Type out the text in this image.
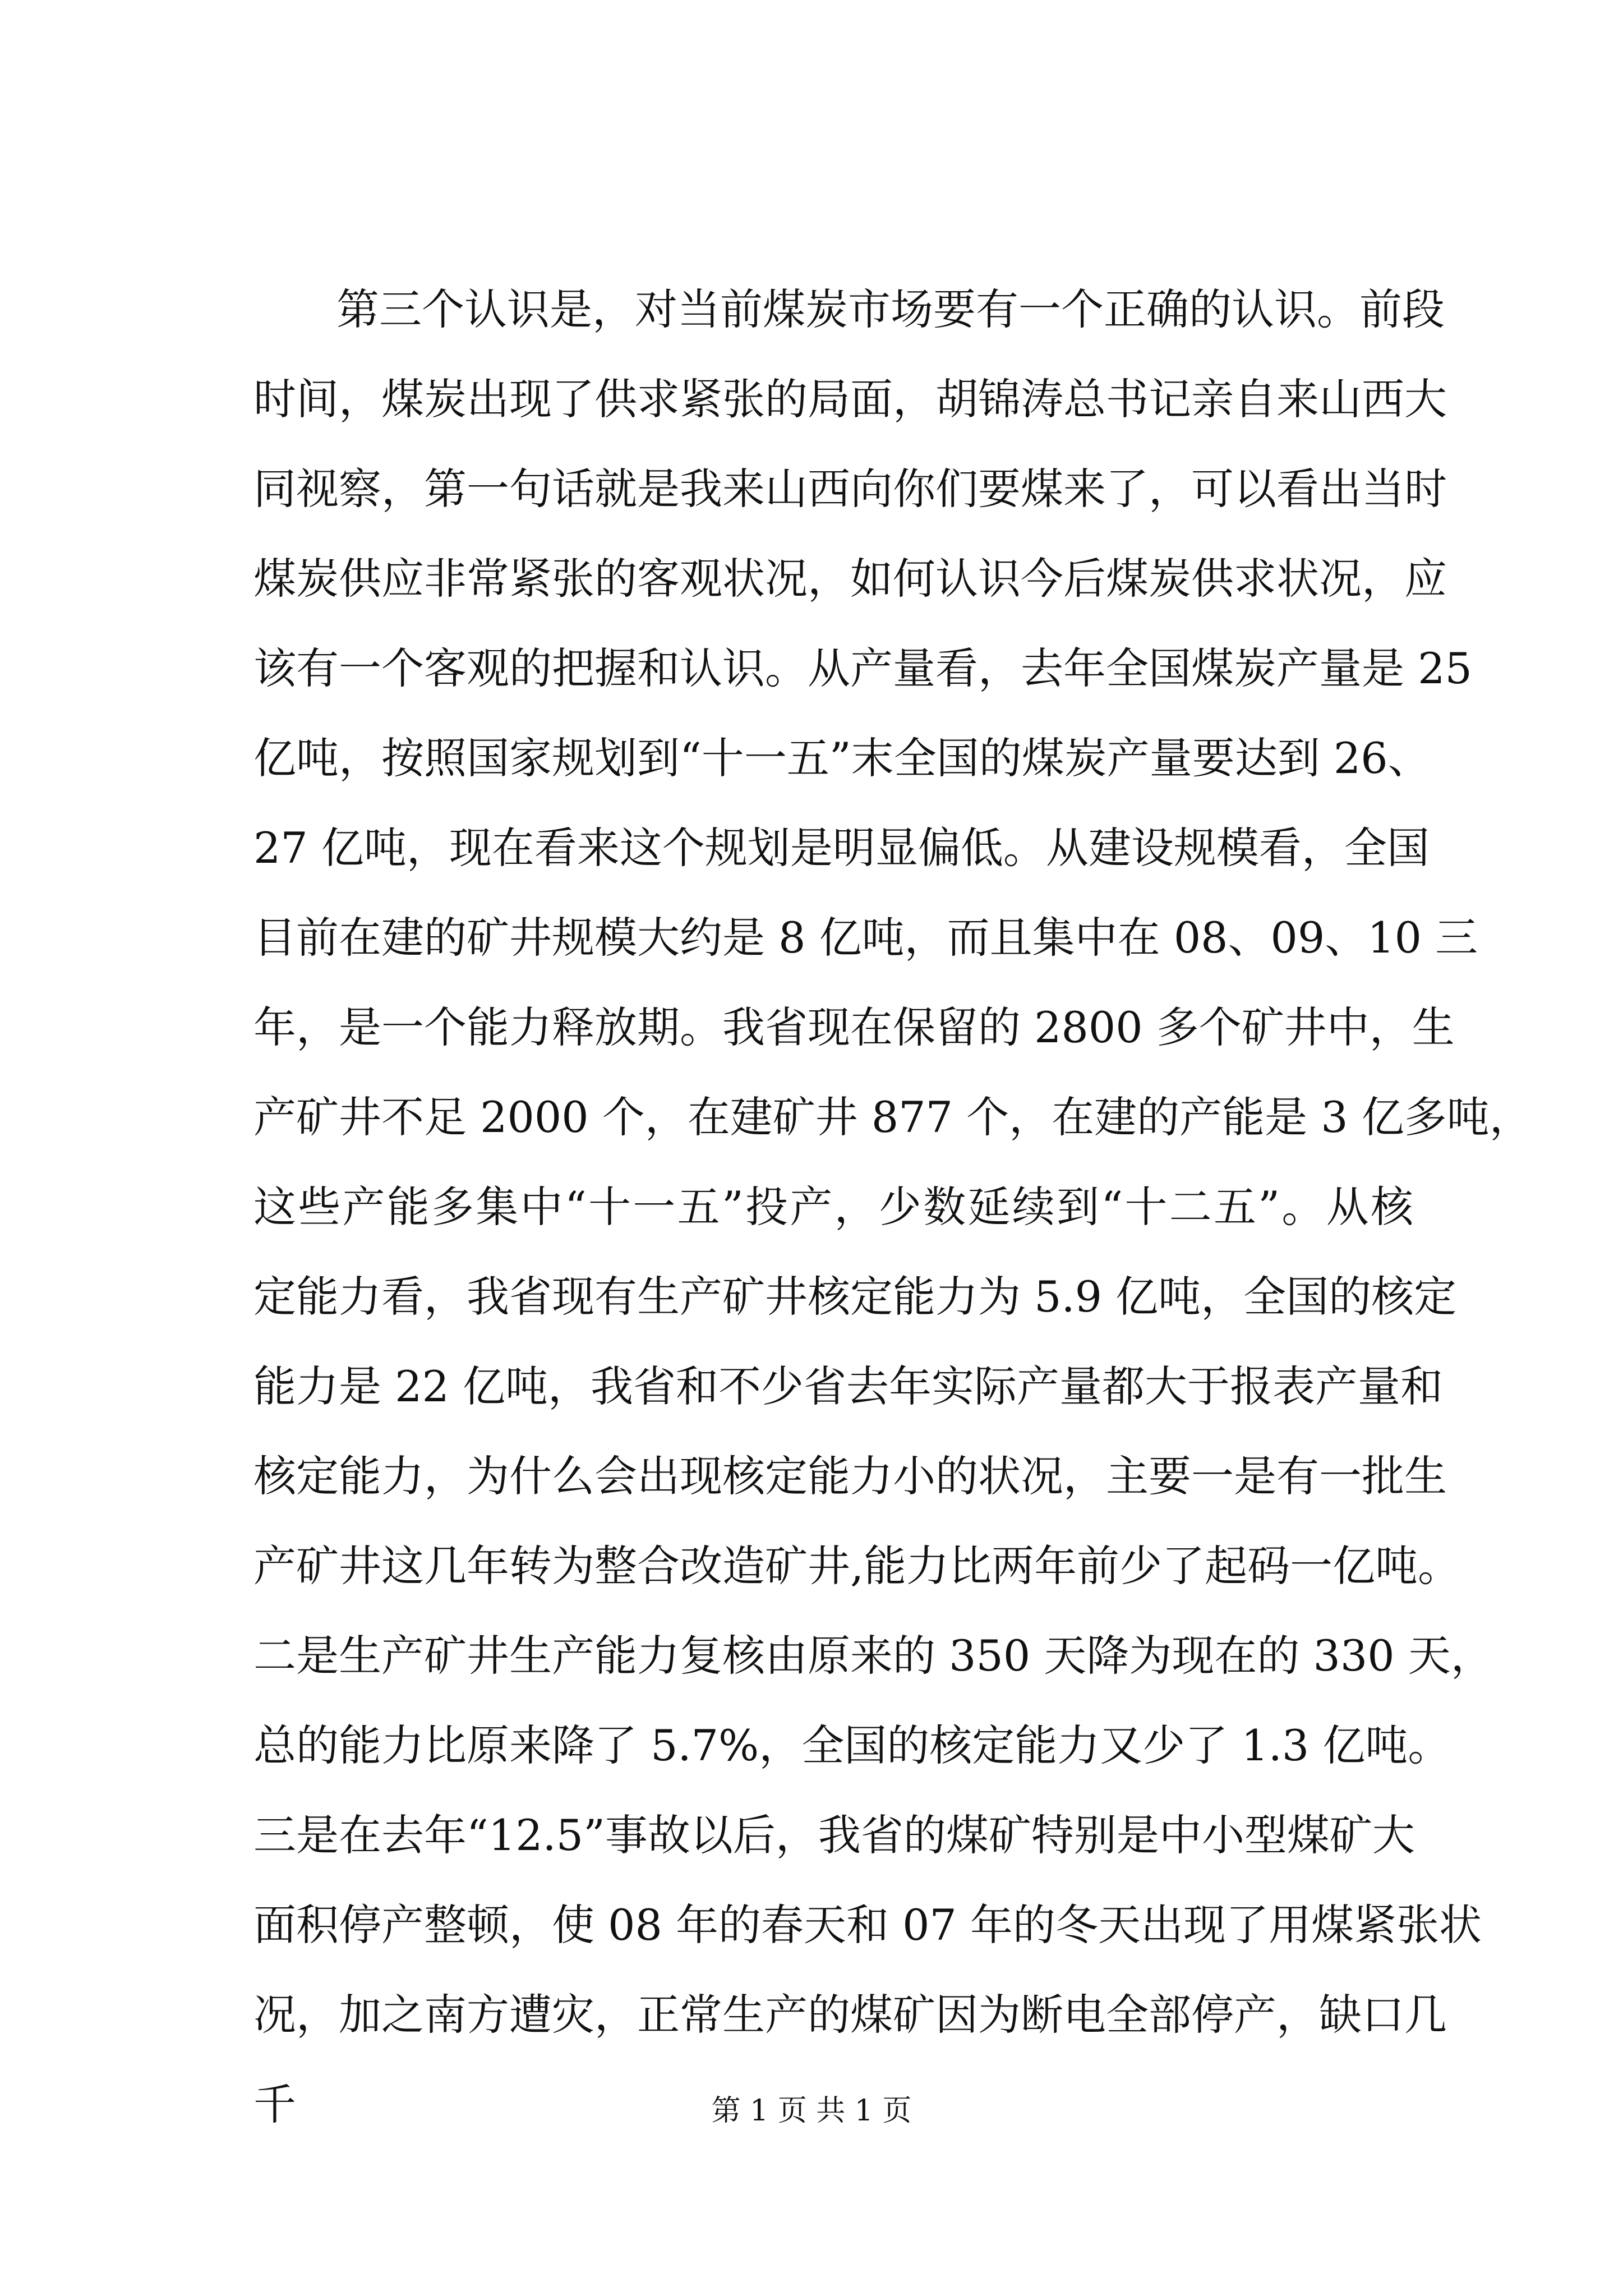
第三个认识是，对当前煤炭市场要有一个正确的认识。前段
时间，煤炭出现了供求紧张的局面，胡锦涛总书记亲自来山西大
同视察，第一句话就是我来山西向你们要煤来了，可以看出当时
煤炭供应非常紧张的客观状况，如何认识今后煤炭供求状况，应
该有一个客观的把握和认识。从产量看，去年全国煤炭产量是 25
亿吨，按照国家规划到“十一五”末全国的煤炭产量要达到 26、
27 亿吨，现在看来这个规划是明显偏低。从建设规模看，全国
目前在建的矿井规模大约是 8 亿吨，而且集中在 08、09、10 三
年，是一个能力释放期。我省现在保留的 2800 多个矿井中，生
产矿井不足 2000 个，在建矿井 877 个，在建的产能是 3 亿多吨，
这些产能多集中“十一五”投产，少数延续到“十二五”。从核
定能力看，我省现有生产矿井核定能力为 5.9 亿吨，全国的核定
能力是 22 亿吨，我省和不少省去年实际产量都大于报表产量和
核定能力，为什么会出现核定能力小的状况，主要一是有一批生
产矿井这几年转为整合改造矿井,能力比两年前少了起码一亿吨。
二是生产矿井生产能力复核由原来的 350 天降为现在的 330 天，
总的能力比原来降了 5.7%，全国的核定能力又少了 1.3 亿吨。
三是在去年“12.5”事故以后，我省的煤矿特别是中小型煤矿大
面积停产整顿，使 08 年的春天和 07 年的冬天出现了用煤紧张状
况，加之南方遭灾，正常生产的煤矿因为断电全部停产，缺口几
千	第 1 页 共 1 页
